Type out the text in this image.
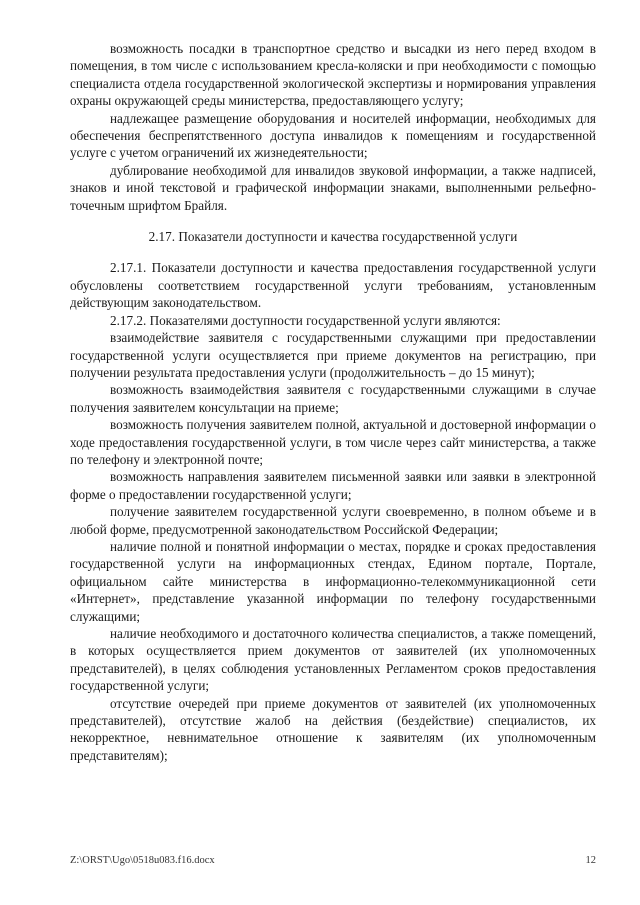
возможность посадки в транспортное средство и высадки из него перед входом в помещения, в том числе с использованием кресла-коляски и при необходимости с помощью специалиста отдела государственной экологической экспертизы и нормирования управления охраны окружающей среды министерства, предоставляющего услугу;

надлежащее размещение оборудования и носителей информации, необходимых для обеспечения беспрепятственного доступа инвалидов к помещениям и государственной услуге с учетом ограничений их жизнедеятельности;

дублирование необходимой для инвалидов звуковой информации, а также надписей, знаков и иной текстовой и графической информации знаками, выполненными рельефно-точечным шрифтом Брайля.

2.17. Показатели доступности и качества государственной услуги

2.17.1. Показатели доступности и качества предоставления государственной услуги обусловлены соответствием государственной услуги требованиям, установленным действующим законодательством.

2.17.2. Показателями доступности государственной услуги являются:

взаимодействие заявителя с государственными служащими при предоставлении государственной услуги осуществляется при приеме документов на регистрацию, при получении результата предоставления услуги (продолжительность – до 15 минут);

возможность взаимодействия заявителя с государственными служащими в случае получения заявителем консультации на приеме;

возможность получения заявителем полной, актуальной и достоверной информации о ходе предоставления государственной услуги, в том числе через сайт министерства, а также по телефону и электронной почте;

возможность направления заявителем письменной заявки или заявки в электронной форме о предоставлении государственной услуги;

получение заявителем государственной услуги своевременно, в полном объеме и в любой форме, предусмотренной законодательством Российской Федерации;

наличие полной и понятной информации о местах, порядке и сроках предоставления государственной услуги на информационных стендах, Едином портале, Портале, официальном сайте министерства в информационно-телекоммуникационной сети «Интернет», представление указанной информации по телефону государственными служащими;

наличие необходимого и достаточного количества специалистов, а также помещений, в которых осуществляется прием документов от заявителей (их уполномоченных представителей), в целях соблюдения установленных Регламентом сроков предоставления государственной услуги;

отсутствие очередей при приеме документов от заявителей (их уполномоченных представителей), отсутствие жалоб на действия (бездействие) специалистов, их некорректное, невнимательное отношение к заявителям (их уполномоченным представителям);

Z:\ORST\Ugo\0518u083.f16.docx	12
